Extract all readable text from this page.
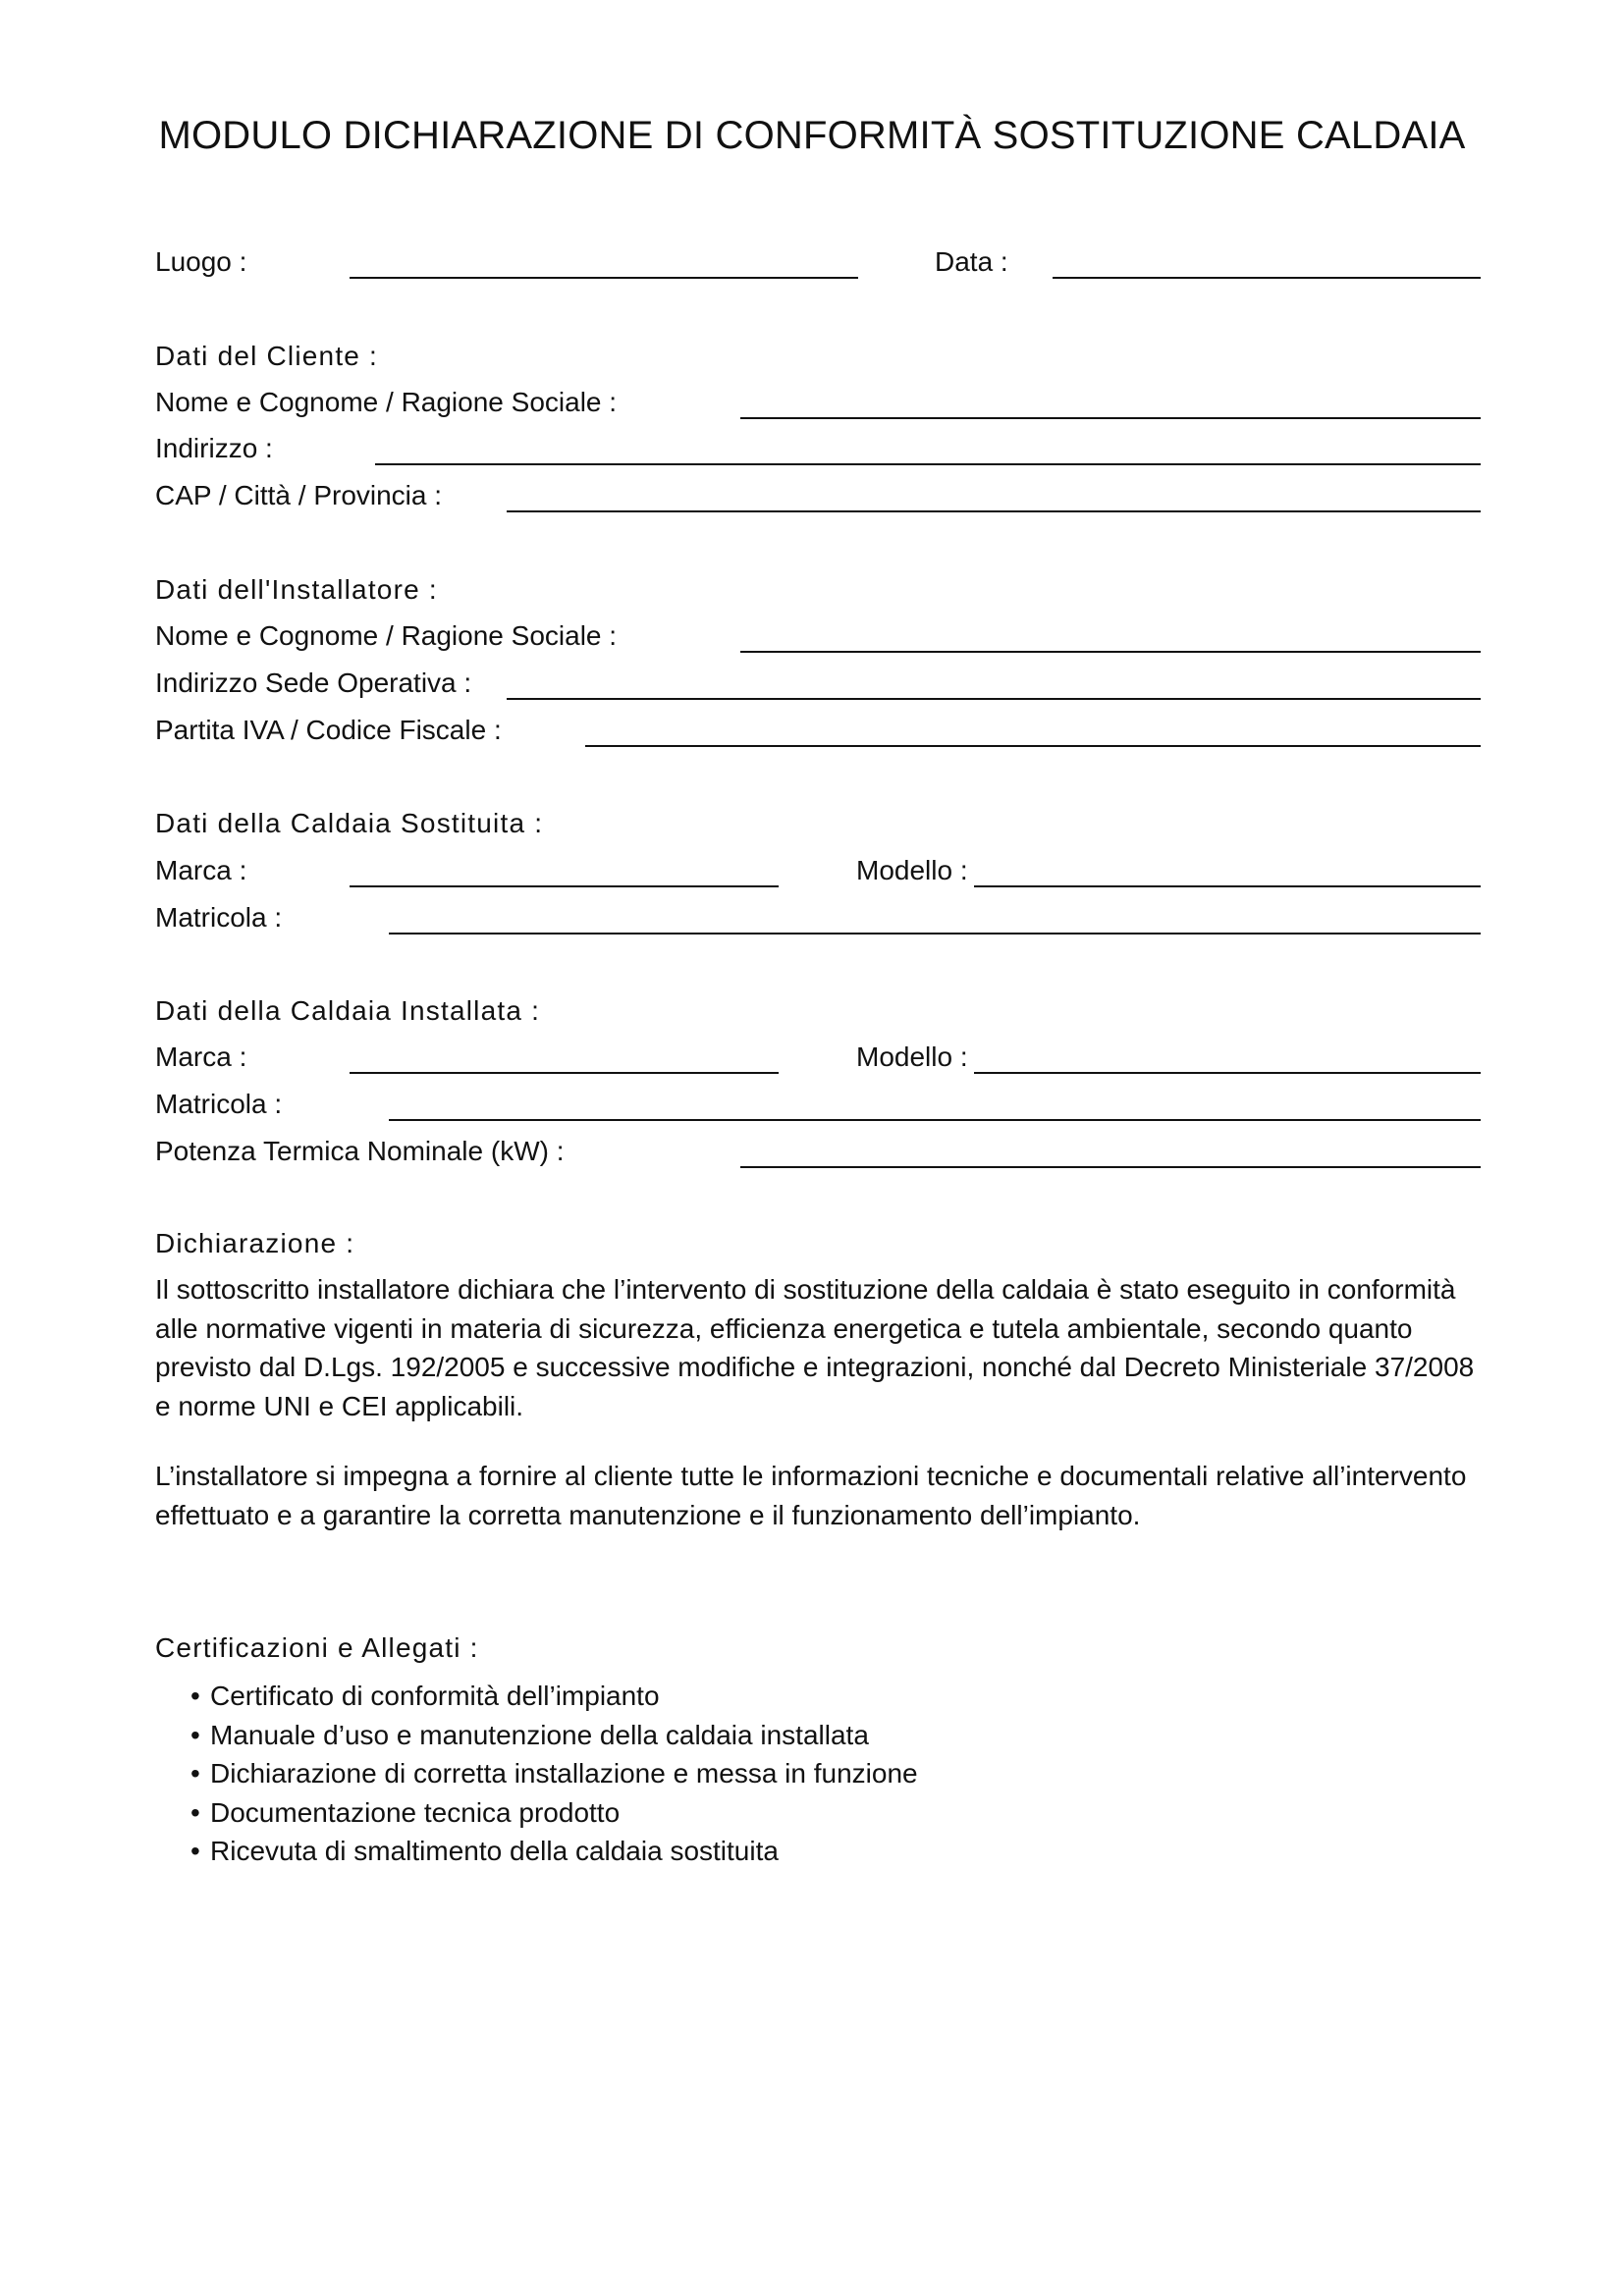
MODULO DICHIARAZIONE DI CONFORMITÀ SOSTITUZIONE CALDAIA
Luogo :	Data :
Dati del Cliente :
Nome e Cognome / Ragione Sociale :
Indirizzo :
CAP / Città / Provincia :
Dati dell'Installatore :
Nome e Cognome / Ragione Sociale :
Indirizzo Sede Operativa :
Partita IVA / Codice Fiscale :
Dati della Caldaia Sostituita :
Marca :	Modello :
Matricola :
Dati della Caldaia Installata :
Marca :	Modello :
Matricola :
Potenza Termica Nominale (kW) :
Dichiarazione :

Il sottoscritto installatore dichiara che l’intervento di sostituzione della caldaia è stato eseguito in conformità alle normative vigenti in materia di sicurezza, efficienza energetica e tutela ambientale, secondo quanto previsto dal D.Lgs. 192/2005 e successive modifiche e integrazioni, nonché dal Decreto Ministeriale 37/2008 e norme UNI e CEI applicabili.

L’installatore si impegna a fornire al cliente tutte le informazioni tecniche e documentali relative all’intervento effettuato e a garantire la corretta manutenzione e il funzionamento dell’impianto.

Certificazioni e Allegati :
• Certificato di conformità dell’impianto
• Manuale d’uso e manutenzione della caldaia installata
• Dichiarazione di corretta installazione e messa in funzione
• Documentazione tecnica prodotto
• Ricevuta di smaltimento della caldaia sostituita
